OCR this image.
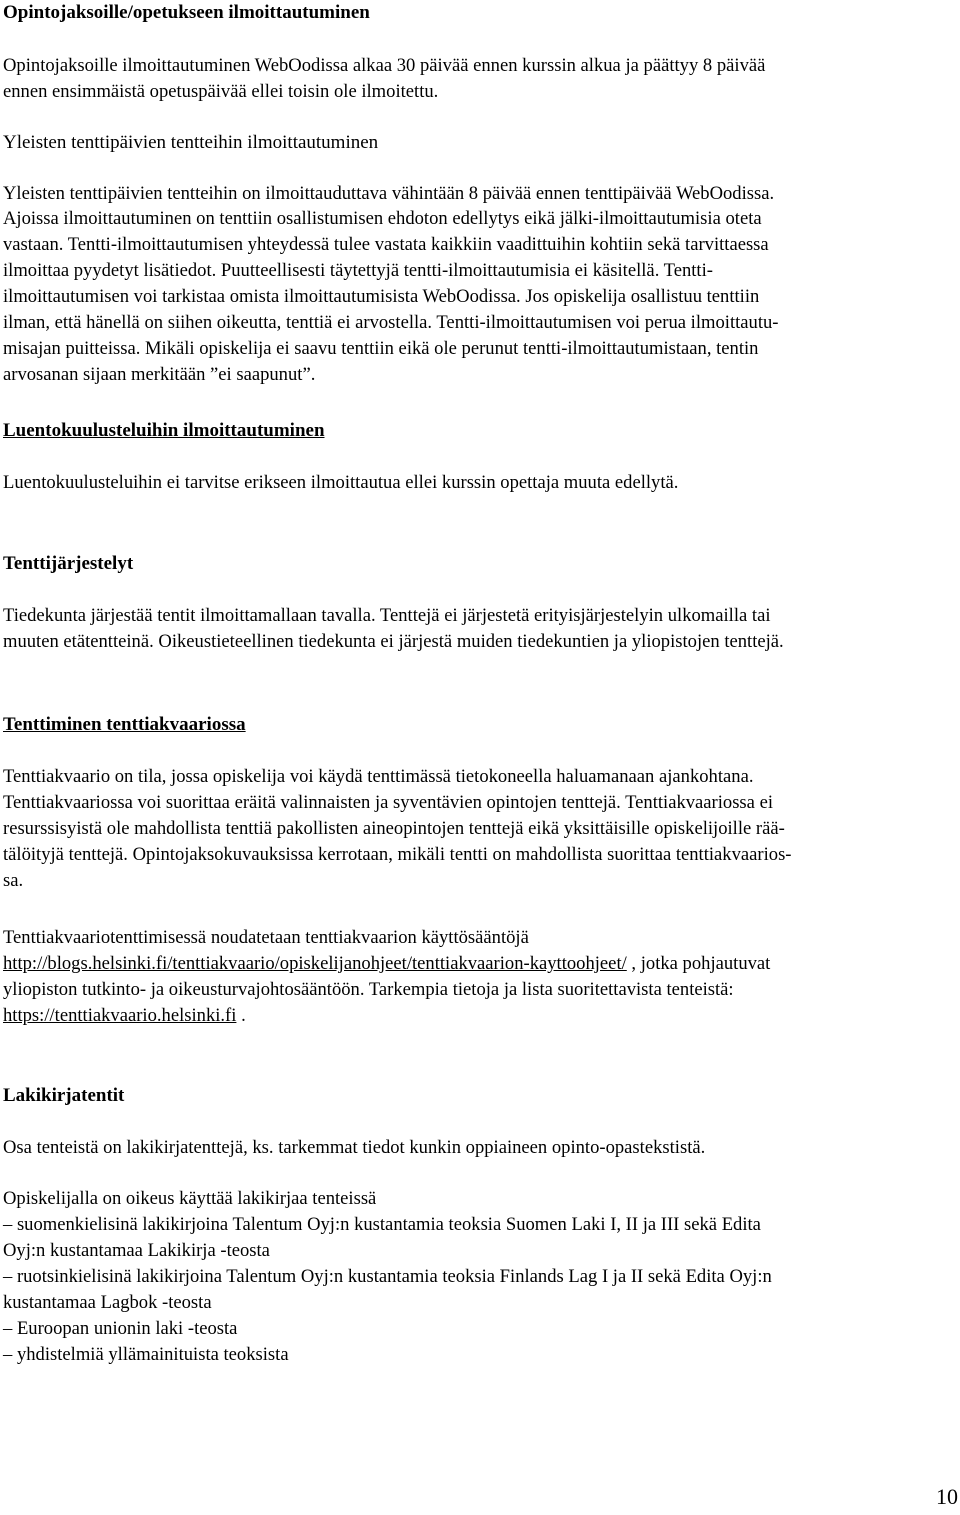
Opintojaksoille/opetukseen ilmoittautuminen
Opintojaksoille ilmoittautuminen WebOodissa alkaa 30 päivää ennen kurssin alkua ja päättyy 8 päivää
ennen ensimmäistä opetuspäivää ellei toisin ole ilmoitettu.
Yleisten tenttipäivien tentteihin ilmoittautuminen
Yleisten tenttipäivien tentteihin on ilmoittauduttava vähintään 8 päivää ennen tenttipäivää WebOodissa.
Ajoissa ilmoittautuminen on tenttiin osallistumisen ehdoton edellytys eikä jälki-ilmoittautumisia oteta
vastaan. Tentti-ilmoittautumisen yhteydessä tulee vastata kaikkiin vaadittuihin kohtiin sekä tarvittaessa
ilmoittaa pyydetyt lisätiedot. Puutteellisesti täytettyjä tentti-ilmoittautumisia ei käsitellä. Tentti-
ilmoittautumisen voi tarkistaa omista ilmoittautumisista WebOodissa. Jos opiskelija osallistuu tenttiin
ilman, että hänellä on siihen oikeutta, tenttiä ei arvostella. Tentti-ilmoittautumisen voi perua ilmoittautu-
misajan puitteissa. Mikäli opiskelija ei saavu tenttiin eikä ole perunut tentti-ilmoittautumistaan, tentin
arvosanan sijaan merkitään ”ei saapunut”.
Luentokuulusteluihin ilmoittautuminen
Luentokuulusteluihin ei tarvitse erikseen ilmoittautua ellei kurssin opettaja muuta edellytä.
Tenttijärjestelyt
Tiedekunta järjestää tentit ilmoittamallaan tavalla. Tenttejä ei järjestetä erityisjärjestelyin ulkomailla tai
muuten etätentteinä. Oikeustieteellinen tiedekunta ei järjestä muiden tiedekuntien ja yliopistojen tenttejä.
Tenttiminen tenttiakvaariossa
Tenttiakvaario on tila, jossa opiskelija voi käydä tenttimässä tietokoneella haluamanaan ajankohtana.
Tenttiakvaariossa voi suorittaa eräitä valinnaisten ja syventävien opintojen tenttejä. Tenttiakvaariossa ei
resurssisyistä ole mahdollista tenttiä pakollisten aineopintojen tenttejä eikä yksittäisille opiskelijoille rää-
tälöityjä tenttejä. Opintojaksokuvauksissa kerrotaan, mikäli tentti on mahdollista suorittaa tenttiakvaarios-
sa.
Tenttiakvaariotenttimisessä noudatetaan tenttiakvaarion käyttösääntöjä
http://blogs.helsinki.fi/tenttiakvaario/opiskelijanohjeet/tenttiakvaarion-kayttoohjeet/ , jotka pohjautuvat
yliopiston tutkinto- ja oikeusturvajohtosääntöön. Tarkempia tietoja ja lista suoritettavista tenteistä:
https://tenttiakvaario.helsinki.fi .
Lakikirjatentit
Osa tenteistä on lakikirjatenttejä, ks. tarkemmat tiedot kunkin oppiaineen opinto-opastekstistä.
Opiskelijalla on oikeus käyttää lakikirjaa tenteissä
– suomenkielisinä lakikirjoina Talentum Oyj:n kustantamia teoksia Suomen Laki I, II ja III sekä Edita
Oyj:n kustantamaa Lakikirja -teosta
– ruotsinkielisinä lakikirjoina Talentum Oyj:n kustantamia teoksia Finlands Lag I ja II sekä Edita Oyj:n
kustantamaa Lagbok -teosta
– Euroopan unionin laki -teosta
– yhdistelmiä yllämainituista teoksista
10
